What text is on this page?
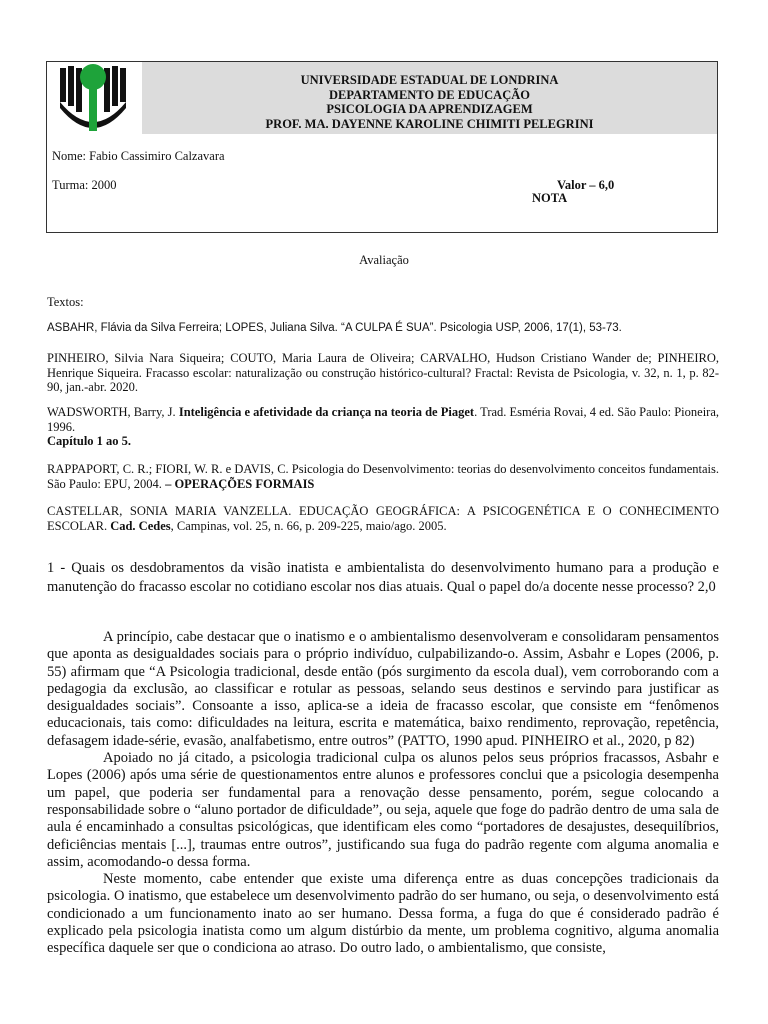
UNIVERSIDADE ESTADUAL DE LONDRINA
DEPARTAMENTO DE EDUCAÇÃO
PSICOLOGIA DA APRENDIZAGEM
PROF. MA. DAYENNE KAROLINE CHIMITI PELEGRINI
Nome: Fabio Cassimiro Calzavara
Turma: 2000	Valor – 6,0
NOTA
Avaliação
Textos:
ASBAHR, Flávia da Silva Ferreira; LOPES, Juliana Silva. “A CULPA É SUA”. Psicologia USP, 2006, 17(1), 53-73.
PINHEIRO, Silvia Nara Siqueira; COUTO, Maria Laura de Oliveira; CARVALHO, Hudson Cristiano Wander de; PINHEIRO, Henrique Siqueira. Fracasso escolar: naturalização ou construção histórico-cultural? Fractal: Revista de Psicologia, v. 32, n. 1, p. 82-90, jan.-abr. 2020.
WADSWORTH, Barry, J. Inteligência e afetividade da criança na teoria de Piaget. Trad. Esméria Rovai, 4 ed. São Paulo: Pioneira, 1996.
Capítulo 1 ao 5.
RAPPAPORT, C. R.; FIORI, W. R. e DAVIS, C. Psicologia do Desenvolvimento: teorias do desenvolvimento conceitos fundamentais. São Paulo: EPU, 2004. – OPERAÇÕES FORMAIS
CASTELLAR, SONIA MARIA VANZELLA. EDUCAÇÃO GEOGRÁFICA: A PSICOGENÉTICA E O CONHECIMENTO ESCOLAR. Cad. Cedes, Campinas, vol. 25, n. 66, p. 209-225, maio/ago. 2005.
1 - Quais os desdobramentos da visão inatista e ambientalista do desenvolvimento humano para a produção e manutenção do fracasso escolar no cotidiano escolar nos dias atuais. Qual o papel do/a docente nesse processo? 2,0

A princípio, cabe destacar que o inatismo e o ambientalismo desenvolveram e consolidaram pensamentos que aponta as desigualdades sociais para o próprio indivíduo, culpabilizando-o. Assim, Asbahr e Lopes (2006, p. 55) afirmam que “A Psicologia tradicional, desde então (pós surgimento da escola dual), vem corroborando com a pedagogia da exclusão, ao classificar e rotular as pessoas, selando seus destinos e servindo para justificar as desigualdades sociais”. Consoante a isso, aplica-se a ideia de fracasso escolar, que consiste em “fenômenos educacionais, tais como: dificuldades na leitura, escrita e matemática, baixo rendimento, reprovação, repetência, defasagem idade-série, evasão, analfabetismo, entre outros” (PATTO, 1990 apud. PINHEIRO et al., 2020, p 82)

Apoiado no já citado, a psicologia tradicional culpa os alunos pelos seus próprios fracassos, Asbahr e Lopes (2006) após uma série de questionamentos entre alunos e professores conclui que a psicologia desempenha um papel, que poderia ser fundamental para a renovação desse pensamento, porém, segue colocando a responsabilidade sobre o “aluno portador de dificuldade”, ou seja, aquele que foge do padrão dentro de uma sala de aula é encaminhado a consultas psicológicas, que identificam eles como “portadores de desajustes, desequilíbrios, deficiências mentais [...], traumas entre outros”, justificando sua fuga do padrão regente com alguma anomalia e assim, acomodando-o dessa forma.

Neste momento, cabe entender que existe uma diferença entre as duas concepções tradicionais da psicologia. O inatismo, que estabelece um desenvolvimento padrão do ser humano, ou seja, o desenvolvimento está condicionado a um funcionamento inato ao ser humano. Dessa forma, a fuga do que é considerado padrão é explicado pela psicologia inatista como um algum distúrbio da mente, um problema cognitivo, alguma anomalia específica daquele ser que o condiciona ao atraso. Do outro lado, o ambientalismo, que consiste,
